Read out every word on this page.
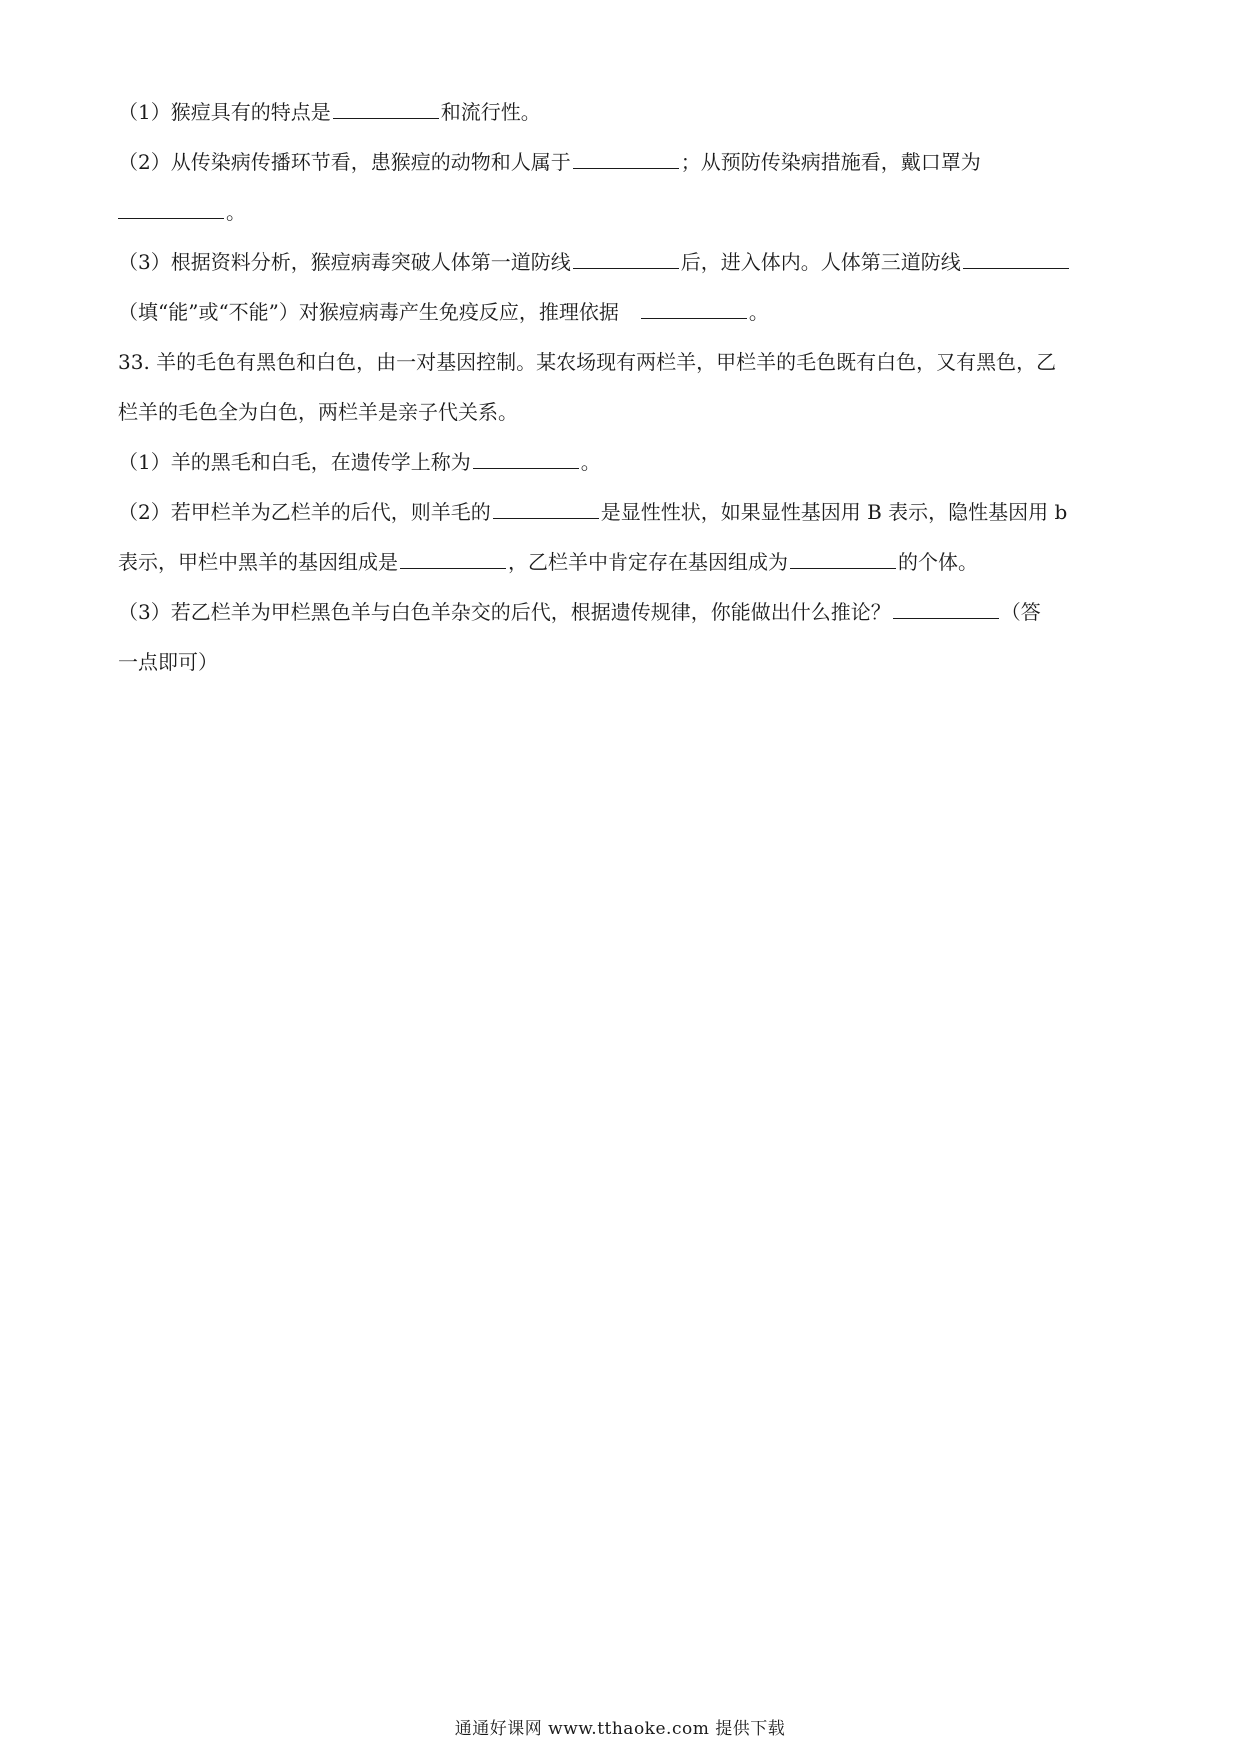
（1）猴痘具有的特点是	和流行性。
（2）从传染病传播环节看，患猴痘的动物和人属于	；从预防传染病措施看，戴口罩为
。
（3）根据资料分析，猴痘病毒突破人体第一道防线	后，进入体内。人体第三道防线
（填“能”或“不能”）对猴痘病毒产生免疫反应，推理依据	。
33. 羊的毛色有黑色和白色，由一对基因控制。某农场现有两栏羊，甲栏羊的毛色既有白色，又有黑色，乙
栏羊的毛色全为白色，两栏羊是亲子代关系。
（1）羊的黑毛和白毛，在遗传学上称为	。
（2）若甲栏羊为乙栏羊的后代，则羊毛的	是显性性状，如果显性基因用 B 表示，隐性基因用 b
表示，甲栏中黑羊的基因组成是	，乙栏羊中肯定存在基因组成为	的个体。
（3）若乙栏羊为甲栏黑色羊与白色羊杂交的后代，根据遗传规律，你能做出什么推论？	（答
一点即可）
通通好课网 www.tthaoke.com 提供下载
